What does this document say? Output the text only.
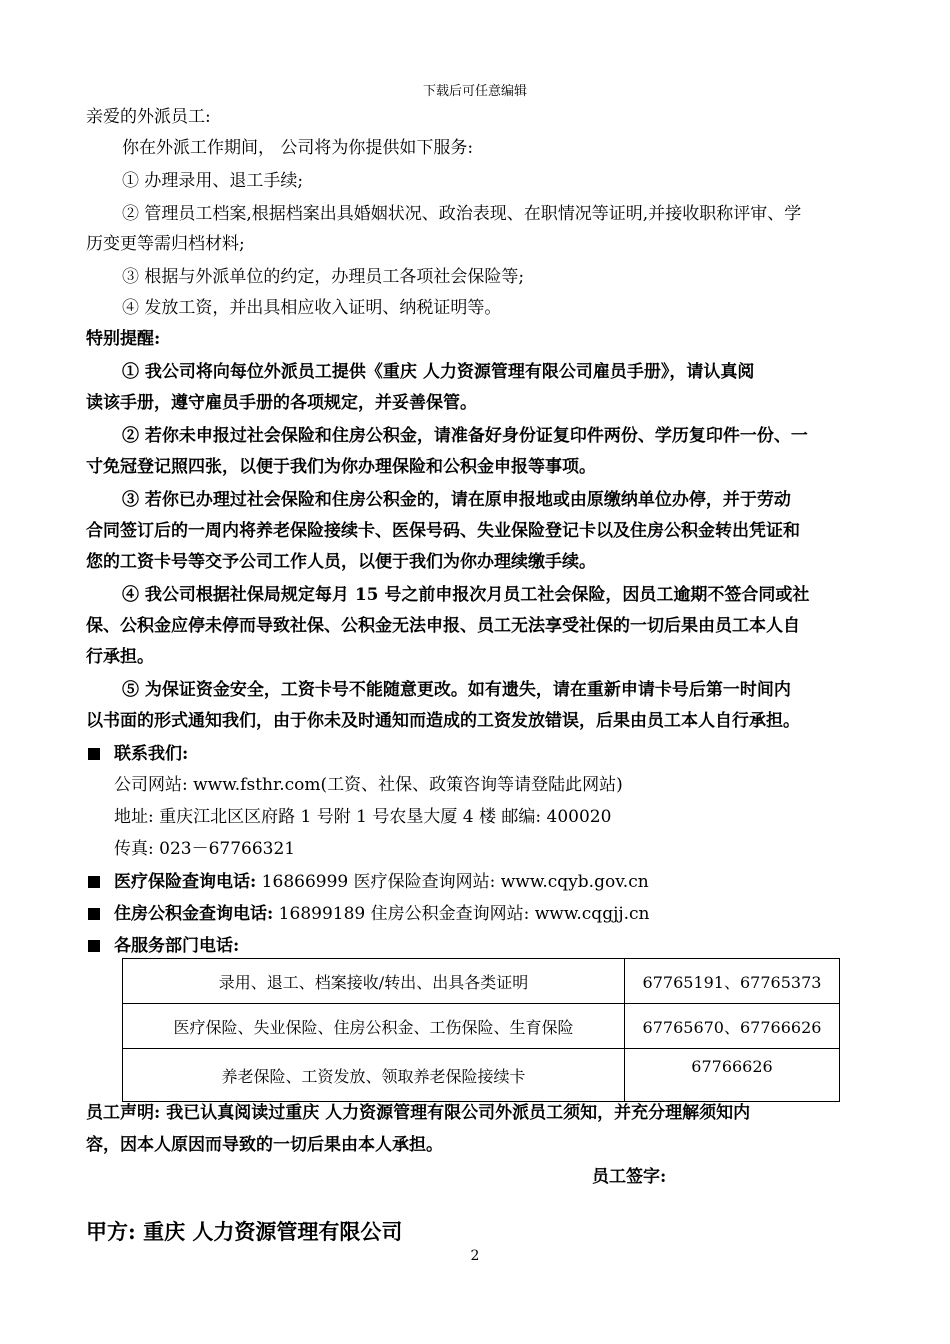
下载后可任意编辑
亲爱的外派员工:
你在外派工作期间， 公司将为你提供如下服务:
① 办理录用、退工手续;
② 管理员工档案,根据档案出具婚姻状况、政治表现、在职情况等证明,并接收职称评审、学
历变更等需归档材料;
③ 根据与外派单位的约定，办理员工各项社会保险等;
④ 发放工资，并出具相应收入证明、纳税证明等。
特别提醒:
① 我公司将向每位外派员工提供《重庆 人力资源管理有限公司雇员手册》，请认真阅
读该手册，遵守雇员手册的各项规定，并妥善保管。
② 若你未申报过社会保险和住房公积金，请准备好身份证复印件两份、学历复印件一份、一
寸免冠登记照四张，以便于我们为你办理保险和公积金申报等事项。
③ 若你已办理过社会保险和住房公积金的，请在原申报地或由原缴纳单位办停，并于劳动
合同签订后的一周内将养老保险接续卡、医保号码、失业保险登记卡以及住房公积金转出凭证和
您的工资卡号等交予公司工作人员，以便于我们为你办理续缴手续。
④ 我公司根据社保局规定每月 15 号之前申报次月员工社会保险，因员工逾期不签合同或社
保、公积金应停未停而导致社保、公积金无法申报、员工无法享受社保的一切后果由员工本人自
行承担。
⑤ 为保证资金安全，工资卡号不能随意更改。如有遗失，请在重新申请卡号后第一时间内
以书面的形式通知我们，由于你未及时通知而造成的工资发放错误，后果由员工本人自行承担。
联系我们:
公司网站: www.fsthr.com(工资、社保、政策咨询等请登陆此网站)
地址: 重庆江北区区府路 1 号附 1 号农垦大厦 4 楼 邮编: 400020
传真: 023－67766321
医疗保险查询电话: 16866999 医疗保险查询网站: www.cqyb.gov.cn
住房公积金查询电话: 16899189 住房公积金查询网站: www.cqgjj.cn
各服务部门电话:
录用、退工、档案接收/转出、出具各类证明	67765191、67765373
医疗保险、失业保险、住房公积金、工伤保险、生育保险	67765670、67766626
养老保险、工资发放、领取养老保险接续卡	67766626
员工声明: 我已认真阅读过重庆 人力资源管理有限公司外派员工须知，并充分理解须知内
容，因本人原因而导致的一切后果由本人承担。
员工签字:
甲方: 重庆 人力资源管理有限公司
2
